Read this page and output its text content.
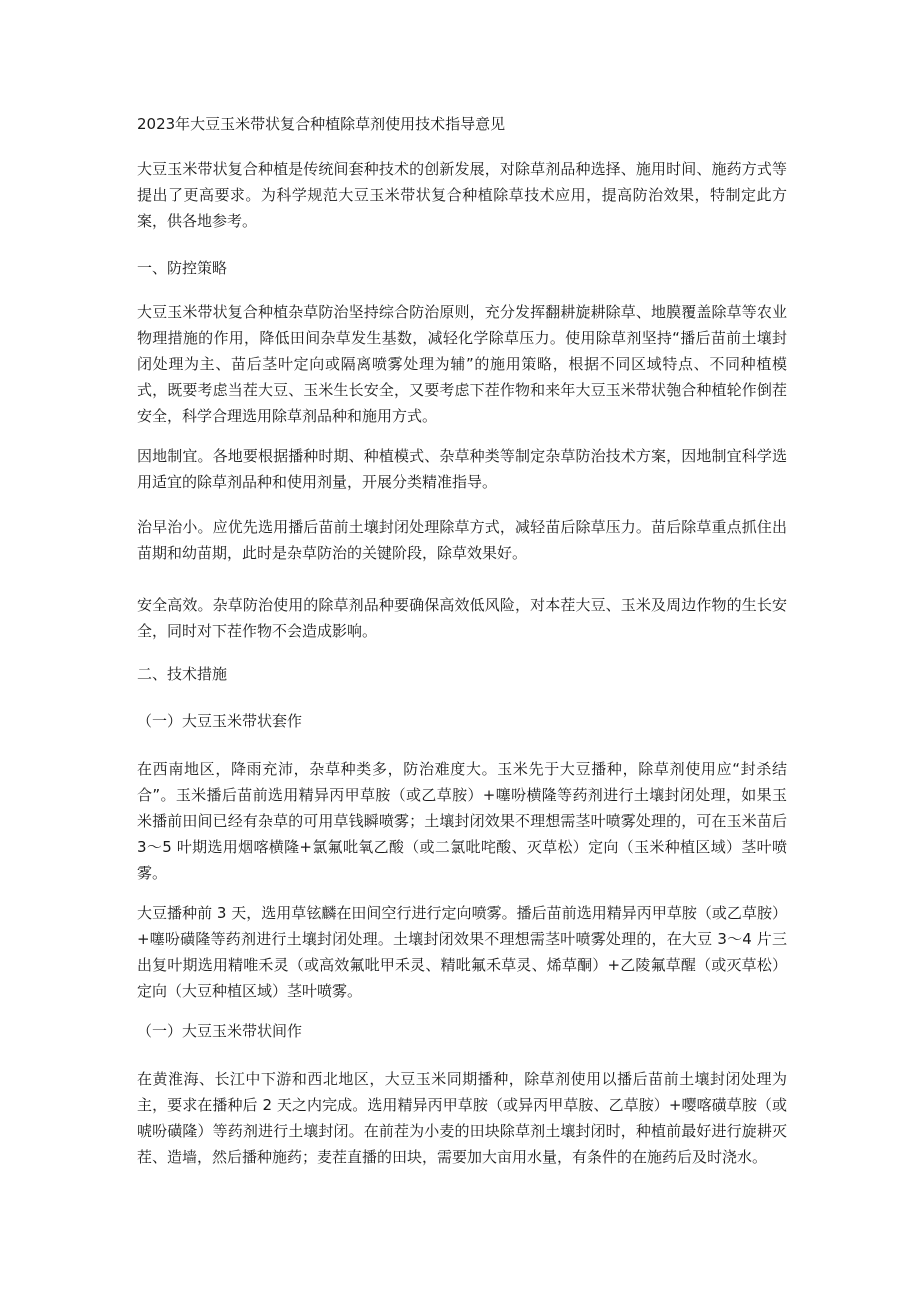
2023年大豆玉米带状复合种植除草剂使用技术指导意见

大豆玉米带状复合种植是传统间套种技术的创新发展，对除草剂品种选择、施用时间、施药方式等提出了更高要求。为科学规范大豆玉米带状复合种植除草技术应用，提高防治效果，特制定此方案，供各地参考。

一、防控策略

大豆玉米带状复合种植杂草防治坚持综合防治原则，充分发挥翻耕旋耕除草、地膜覆盖除草等农业物理措施的作用，降低田间杂草发生基数，减轻化学除草压力。使用除草剂坚持“播后苗前土壤封闭处理为主、苗后茎叶定向或隔离喷雾处理为辅”的施用策略，根据不同区域特点、不同种植模式，既要考虑当茬大豆、玉米生长安全，又要考虑下茬作物和来年大豆玉米带状匏合种植轮作倒茬安全，科学合理选用除草剂品种和施用方式。

因地制宜。各地要根据播种时期、种植模式、杂草种类等制定杂草防治技术方案，因地制宜科学选用适宜的除草剂品种和使用剂量，开展分类精准指导。

治早治小。应优先选用播后苗前土壤封闭处理除草方式，减轻苗后除草压力。苗后除草重点抓住出苗期和幼苗期，此时是杂草防治的关键阶段，除草效果好。

安全高效。杂草防治使用的除草剂品种要确保高效低风险，对本茬大豆、玉米及周边作物的生长安全，同时对下茬作物不会造成影响。

二、技术措施
（一）大豆玉米带状套作

在西南地区，降雨充沛，杂草种类多，防治难度大。玉米先于大豆播种，除草剂使用应“封杀结合”。玉米播后苗前选用精异丙甲草胺（或乙草胺）+噻吩横隆等药剂进行土壤封闭处理，如果玉米播前田间已经有杂草的可用草钱瞬喷雾；土壤封闭效果不理想需茎叶喷雾处理的，可在玉米苗后 3～5 叶期选用烟喀横隆+氯氟吡氧乙酸（或二氯吡咤酸、灭草松）定向（玉米种植区域）茎叶喷雾。

大豆播种前 3 天，选用草铉麟在田间空行进行定向喷雾。播后苗前选用精异丙甲草胺（或乙草胺）+噻吩磺隆等药剂进行土壤封闭处理。土壤封闭效果不理想需茎叶喷雾处理的，在大豆 3～4 片三出复叶期选用精唯禾灵（或高效氟吡甲禾灵、精吡氟禾草灵、烯草酮）+乙陵氟草醒（或灭草松）定向（大豆种植区域）茎叶喷雾。

（一）大豆玉米带状间作

在黄淮海、长江中下游和西北地区，大豆玉米同期播种，除草剂使用以播后苗前土壤封闭处理为主，要求在播种后 2 天之内完成。选用精异丙甲草胺（或异丙甲草胺、乙草胺）+嘤喀磺草胺（或唬吩磺隆）等药剂进行土壤封闭。在前茬为小麦的田块除草剂土壤封闭时，种植前最好进行旋耕灭茬、造墙，然后播种施药；麦茬直播的田块，需要加大亩用水量，有条件的在施药后及时浇水。
